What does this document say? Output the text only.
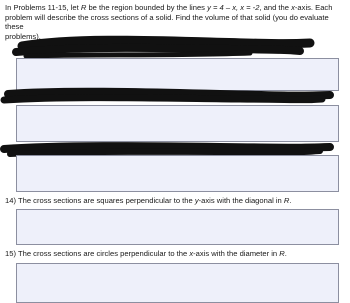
In Problems 11-15, let R be the region bounded by the lines y = 4 – x, x = -2, and the x-axis. Each
problem will describe the cross sections of a solid. Find the volume of that solid (you do evaluate these
problems).

14) The cross sections are squares perpendicular to the y-axis with the diagonal in R.

15) The cross sections are circles perpendicular to the x-axis with the diameter in R.
